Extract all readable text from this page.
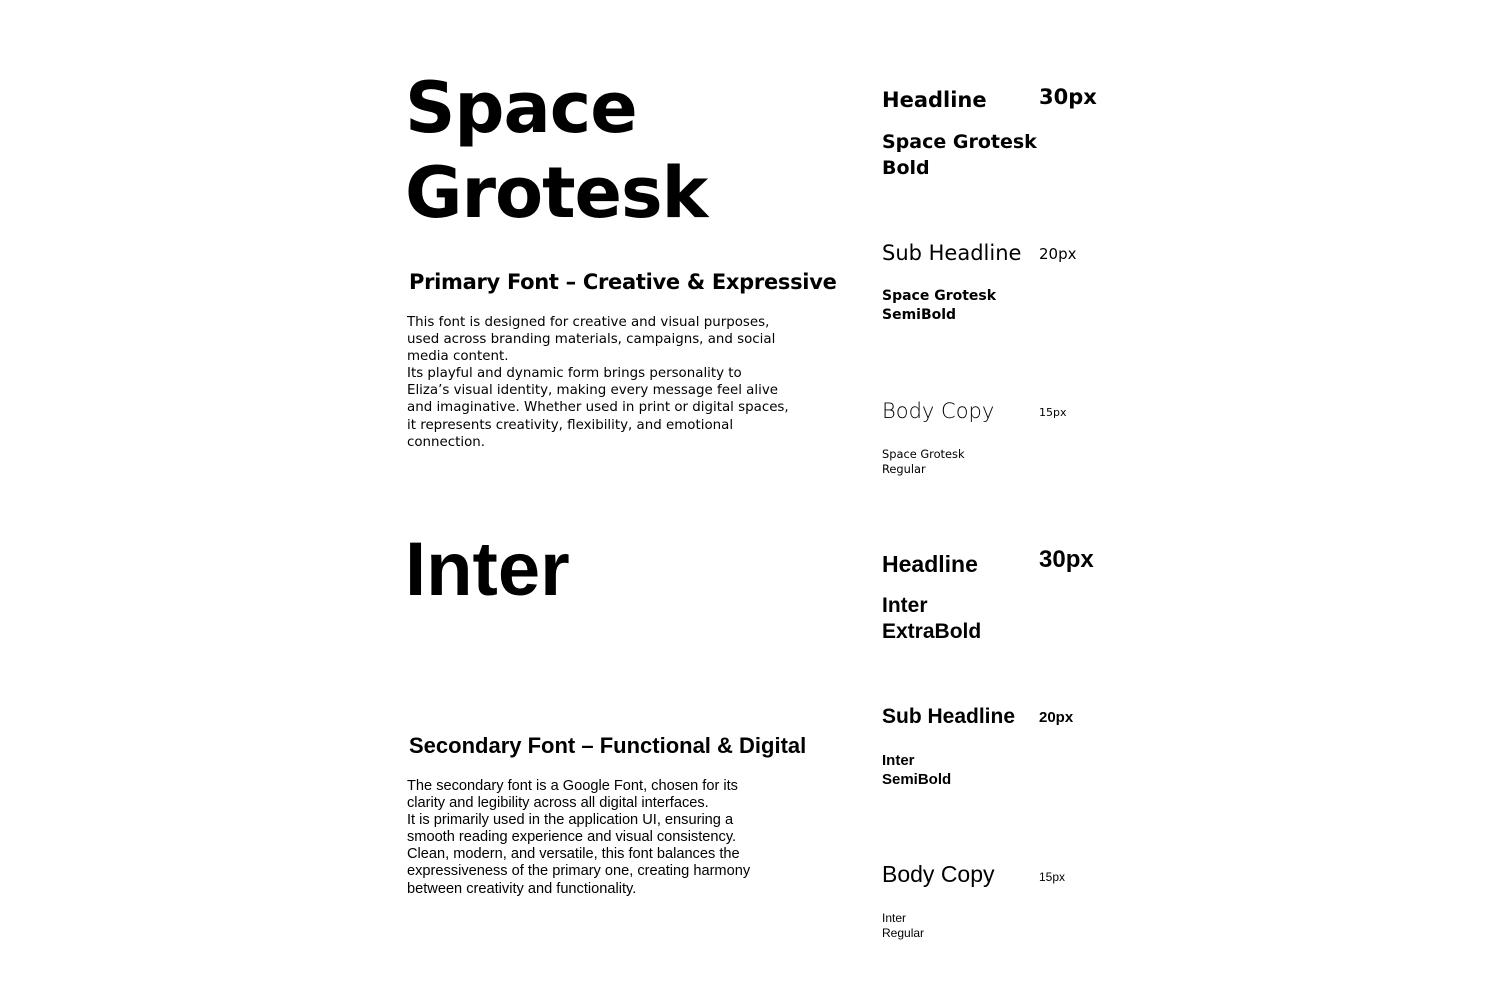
Space
Grotesk
Primary Font – Creative & Expressive

This font is designed for creative and visual purposes,
used across branding materials, campaigns, and social
media content.
Its playful and dynamic form brings personality to
Eliza’s visual identity, making every message feel alive
and imaginative. Whether used in print or digital spaces,
it represents creativity, flexibility, and emotional
connection.

Headline 30px
Space Grotesk
Bold
Sub Headline 20px
Space Grotesk
SemiBold
Body Copy	15px
Space Grotesk
Regular
Inter
Secondary Font – Functional & Digital

The secondary font is a Google Font, chosen for its
clarity and legibility across all digital interfaces.
It is primarily used in the application UI, ensuring a
smooth reading experience and visual consistency.
Clean, modern, and versatile, this font balances the
expressiveness of the primary one, creating harmony
between creativity and functionality.

Headline	30px
Inter
ExtraBold
Sub Headline 20px
Inter
SemiBold
Body Copy	15px
Inter
Regular
